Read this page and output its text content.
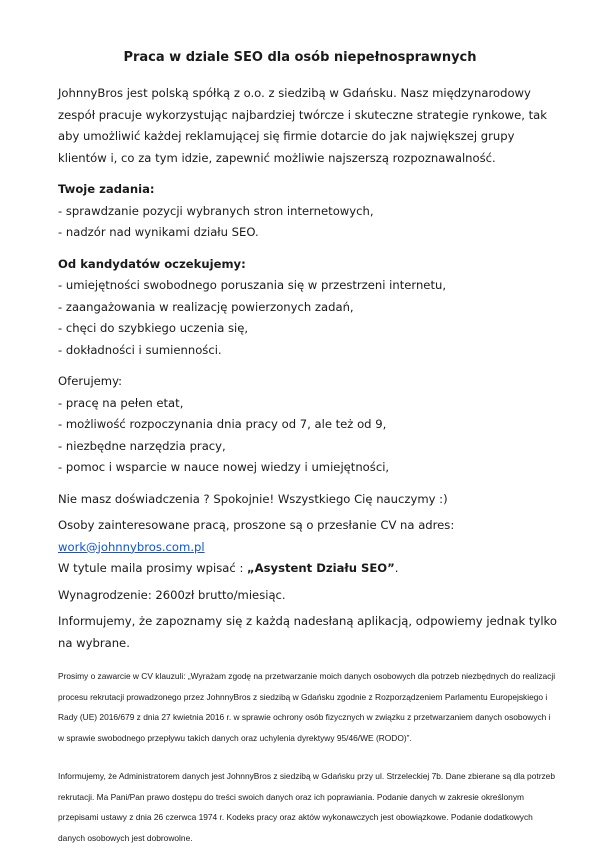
Praca w dziale SEO dla osób niepełnosprawnych

JohnnyBros jest polską spółką z o.o. z siedzibą w Gdańsku. Nasz międzynarodowy zespół pracuje wykorzystując najbardziej twórcze i skuteczne strategie rynkowe, tak aby umożliwić każdej reklamującej się firmie dotarcie do jak największej grupy klientów i, co za tym idzie, zapewnić możliwie najszerszą rozpoznawalność.

Twoje zadania:

- sprawdzanie pozycji wybranych stron internetowych,
- nadzór nad wynikami działu SEO.

Od kandydatów oczekujemy:

- umiejętności swobodnego poruszania się w przestrzeni internetu,
- zaangażowania w realizację powierzonych zadań,
- chęci do szybkiego uczenia się,
- dokładności i sumienności.

Oferujemy:

- pracę na pełen etat,
- możliwość rozpoczynania dnia pracy od 7, ale też od 9,
- niezbędne narzędzia pracy,
- pomoc i wsparcie w nauce nowej wiedzy i umiejętności,

Nie masz doświadczenia ? Spokojnie! Wszystkiego Cię nauczymy :)

Osoby zainteresowane pracą, proszone są o przesłanie CV na adres: work@johnnybros.com.pl

W tytule maila prosimy wpisać : „Asystent Działu SEO”.

Wynagrodzenie: 2600zł brutto/miesiąc.

Informujemy, że zapoznamy się z każdą nadesłaną aplikacją, odpowiemy jednak tylko na wybrane.

Prosimy o zawarcie w CV klauzuli: „Wyrażam zgodę na przetwarzanie moich danych osobowych dla potrzeb niezbędnych do realizacji procesu rekrutacji prowadzonego przez JohnnyBros z siedzibą w Gdańsku zgodnie z Rozporządzeniem Parlamentu Europejskiego i Rady (UE) 2016/679 z dnia 27 kwietnia 2016 r. w sprawie ochrony osób fizycznych w związku z przetwarzaniem danych osobowych i w sprawie swobodnego przepływu takich danych oraz uchylenia dyrektywy 95/46/WE (RODO)”.

Informujemy, że Administratorem danych jest JohnnyBros z siedzibą w Gdańsku przy ul. Strzeleckiej 7b. Dane zbierane są dla potrzeb rekrutacji. Ma Pani/Pan prawo dostępu do treści swoich danych oraz ich poprawiania. Podanie danych w zakresie określonym przepisami ustawy z dnia 26 czerwca 1974 r. Kodeks pracy oraz aktów wykonawczych jest obowiązkowe. Podanie dodatkowych danych osobowych jest dobrowolne.
